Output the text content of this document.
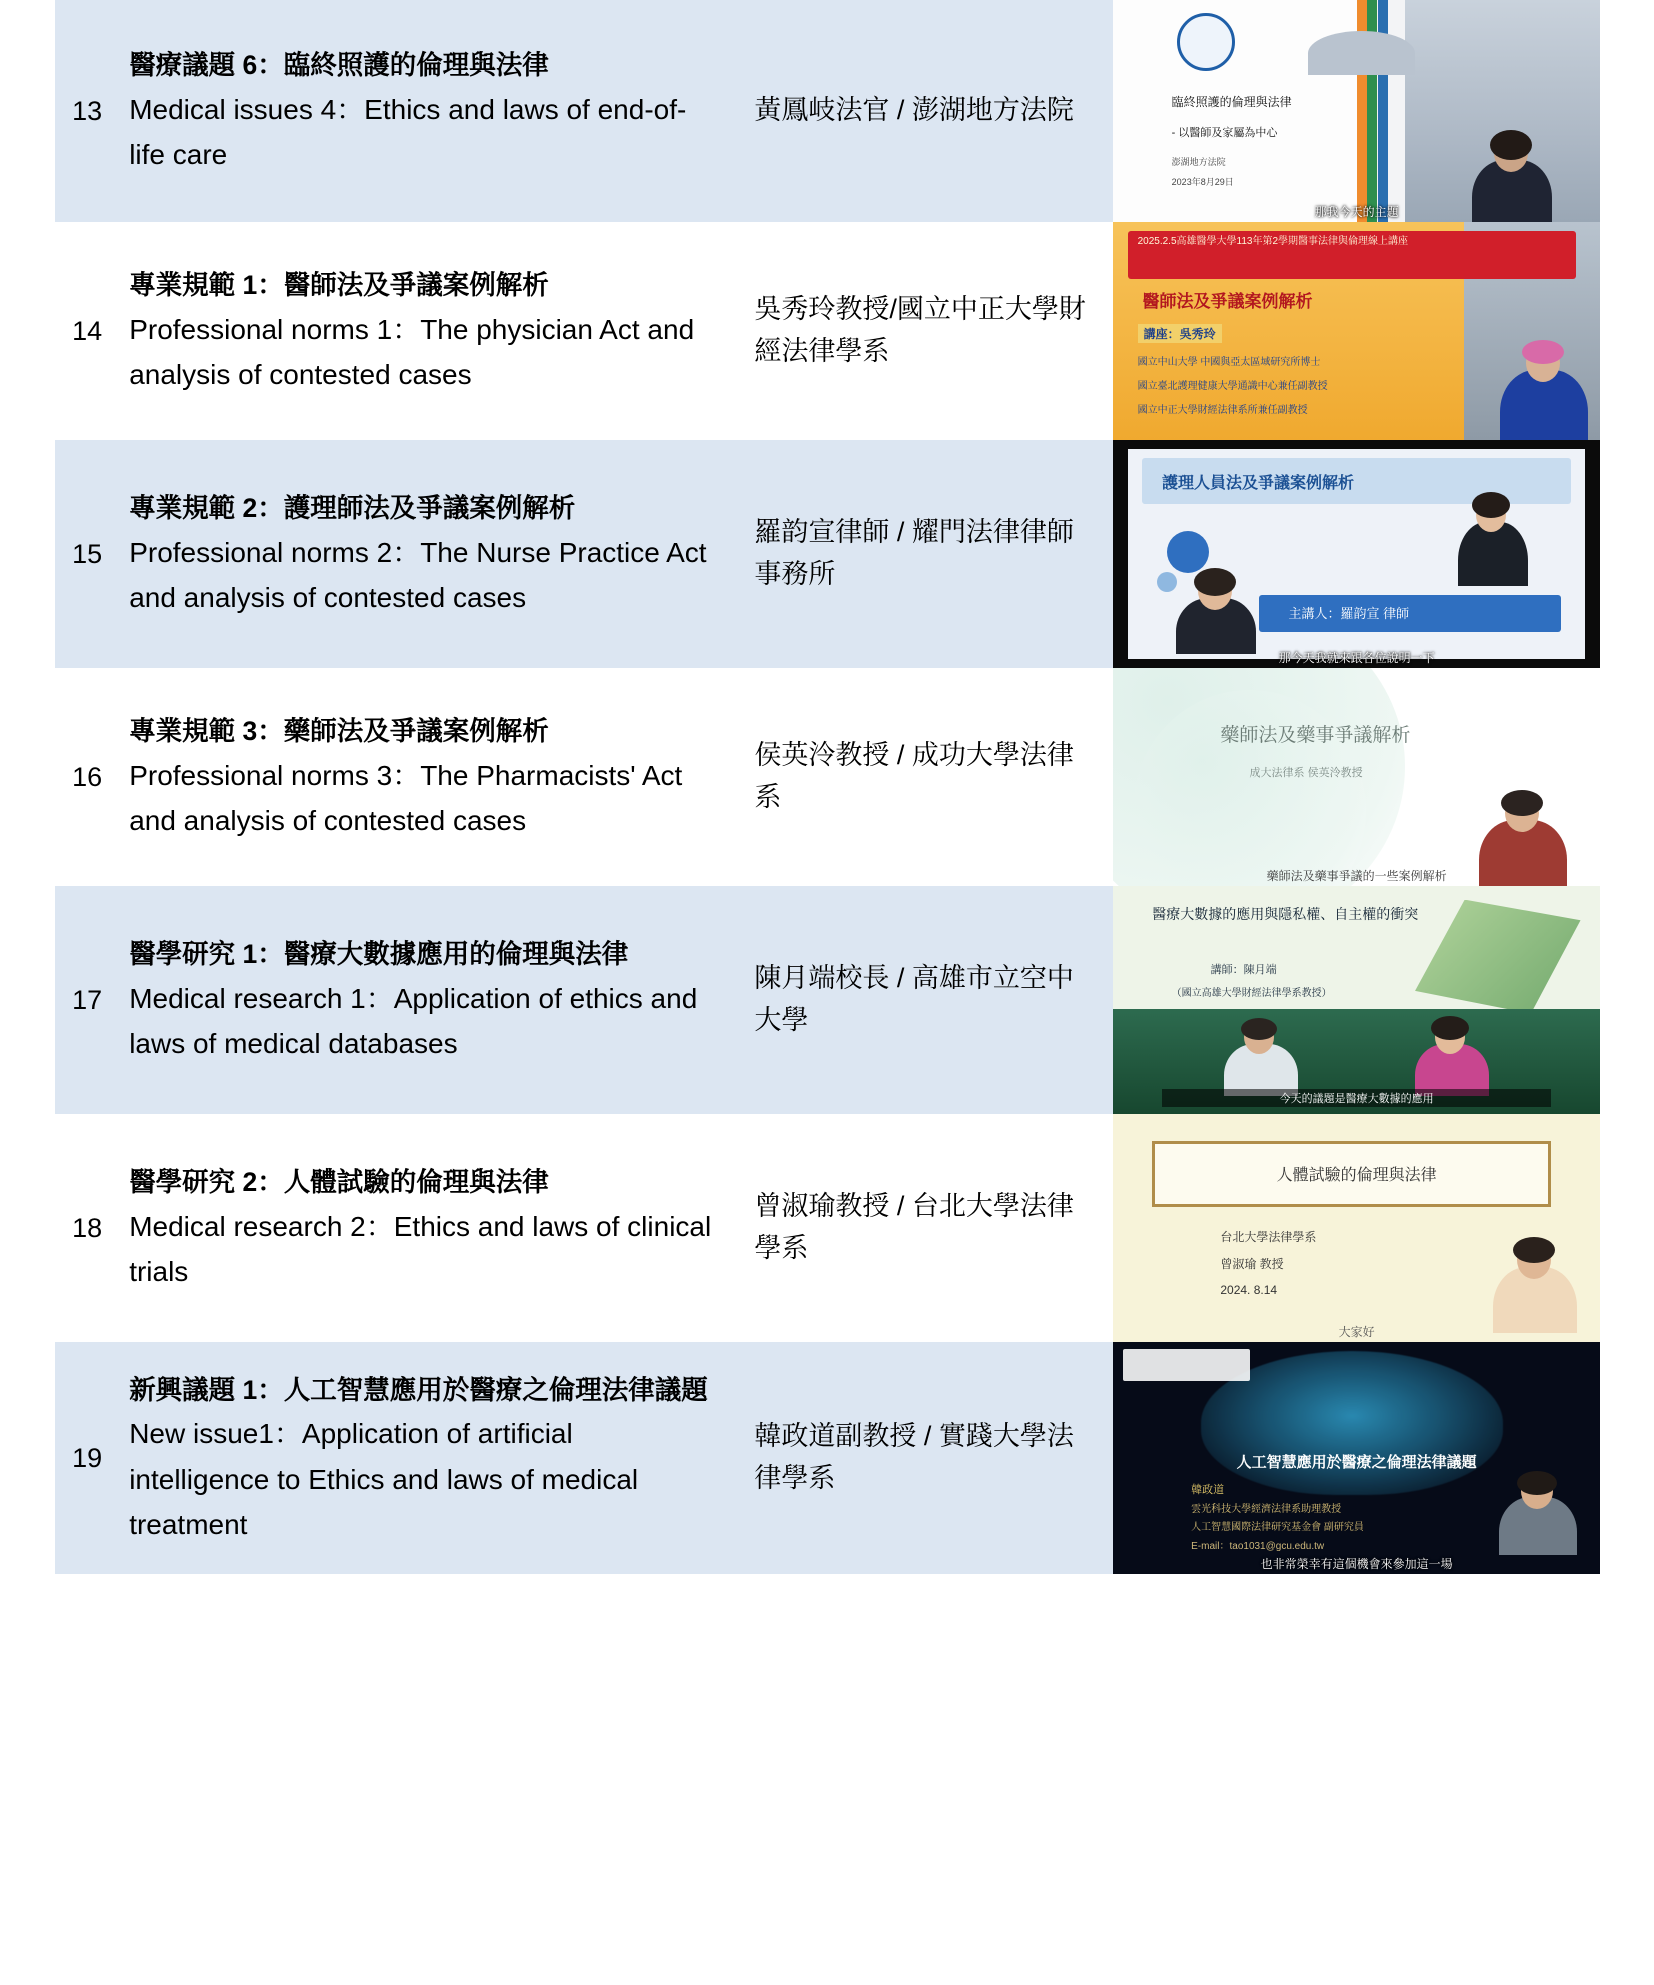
13	
醫療議題 6：臨終照護的倫理與法律
Medical issues 4：Ethics and laws of end-of-life care
	黃鳳岐法官 / 澎湖地方法院	臨終照護的倫理與法律
- 以醫師及家屬為中心
澎湖地方法院
2023年8月29日
那我今天的主題

14	
專業規範 1：醫師法及爭議案例解析
Professional norms 1：The physician Act and analysis of contested cases
	吳秀玲教授/國立中正大學財經法律學系	
2025.2.5高雄醫學大學113年第2學期醫事法律與倫理線上講座
醫師法及爭議案例解析
講座：吳秀玲
國立中山大學 中國與亞太區域研究所博士
國立臺北護理健康大學通識中心兼任副教授
國立中正大學財經法律系所兼任副教授

15	
專業規範 2：護理師法及爭議案例解析
Professional norms 2：The Nurse Practice Act and analysis of contested cases
	羅韵宣律師 / 耀門法律律師事務所	
護理人員法及爭議案例解析
主講人：羅韵宣 律師
那今天我就來跟各位說明一下

16	
專業規範 3：藥師法及爭議案例解析
Professional norms 3：The Pharmacists' Act and analysis of contested cases
	侯英泠教授 / 成功大學法律系	
藥師法及藥事爭議解析
成大法律系 侯英泠教授
藥師法及藥事爭議的一些案例解析

17	
醫學研究 1：醫療大數據應用的倫理與法律
Medical research 1：Application of ethics and laws of medical databases
	陳月端校長 / 高雄市立空中大學	
醫療大數據的應用與隱私權、自主權的衝突
講師：陳月端
（國立高雄大學財經法律學系教授）
今天的議題是醫療大數據的應用

18	
醫學研究 2：人體試驗的倫理與法律
Medical research 2：Ethics and laws of clinical trials
	曾淑瑜教授 / 台北大學法律學系	
人體試驗的倫理與法律
台北大學法律學系
曾淑瑜 教授
2024. 8.14
大家好

19	
新興議題 1：人工智慧應用於醫療之倫理法律議題
New issue1：Application of artificial intelligence to Ethics and laws of medical treatment
	韓政道副教授 / 實踐大學法律學系	
人工智慧應用於醫療之倫理法律議題
韓政道
雲光科技大學經濟法律系助理教授
人工智慧國際法律研究基金會 副研究員
E-mail：tao1031@gcu.edu.tw
也非常榮幸有這個機會來參加這一場
